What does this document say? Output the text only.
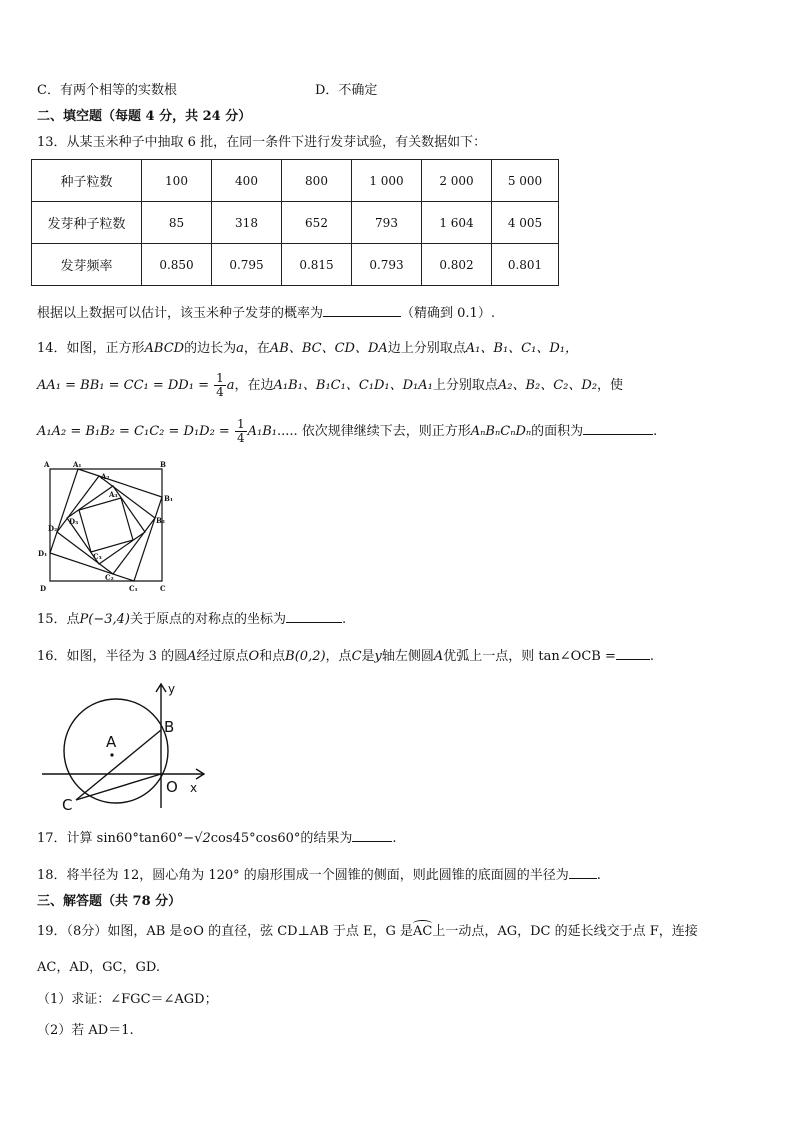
C．有两个相等的实数根	D．不确定
二、填空题（每题 4 分，共 24 分）
13．从某玉米种子中抽取 6 批，在同一条件下进行发芽试验，有关数据如下：
种子粒数	100	400	800	1 000	2 000	5 000
发芽种子粒数	85	318	652	793	1 604	4 005
发芽频率	0.850	0.795	0.815	0.793	0.802	0.801
根据以上数据可以估计，该玉米种子发芽的概率为	（精确到 0.1）.
14．如图，正方形ABCD的边长为a，在AB、BC、CD、DA边上分别取点A₁、B₁、C₁、D₁，
$AA_1 = BB_1 = CC_1 = DD_1 = \frac{1}{4}$ a，在边A₁B₁、B₁C₁、C₁D₁、D₁A₁上分别取点A₂、B₂、C₂、D₂，使
$A_1A_2 = B_1B_2 = C_1C_2 = D_1D_2 = \frac{1}{4} A_1B_1$..... 依次规律继续下去，则正方形AₙBₙCₙDₙ的面积为	.
A	A₁	B
A₂
B₁
A₃
D₂
D₃	B₂
D₁	C₃
C₂
D	C₁	C
15．点P(−3,4)关于原点的对称点的坐标为	.
16．如图，半径为 3 的圆A经过原点O和点B(0,2)，点C是y轴左侧圆A优弧上一点，则 tan∠OCB =	.
y
B
A
C
O x
17．计算 sin60°tan60°−√2cos45°cos60°的结果为	.
18．将半径为 12，圆心角为 120° 的扇形围成一个圆锥的侧面，则此圆锥的底面圆的半径为 .
三、解答题（共 78 分）
19．（8分）如图，AB 是⊙O 的直径，弦 CD⊥AB 于点 E，G 是AC
上一动点，AG，DC 的延长线交于点 F，连接
AC，AD，GC，GD.
（1）求证：∠FGC＝∠AGD；
（2）若 AD＝1.
